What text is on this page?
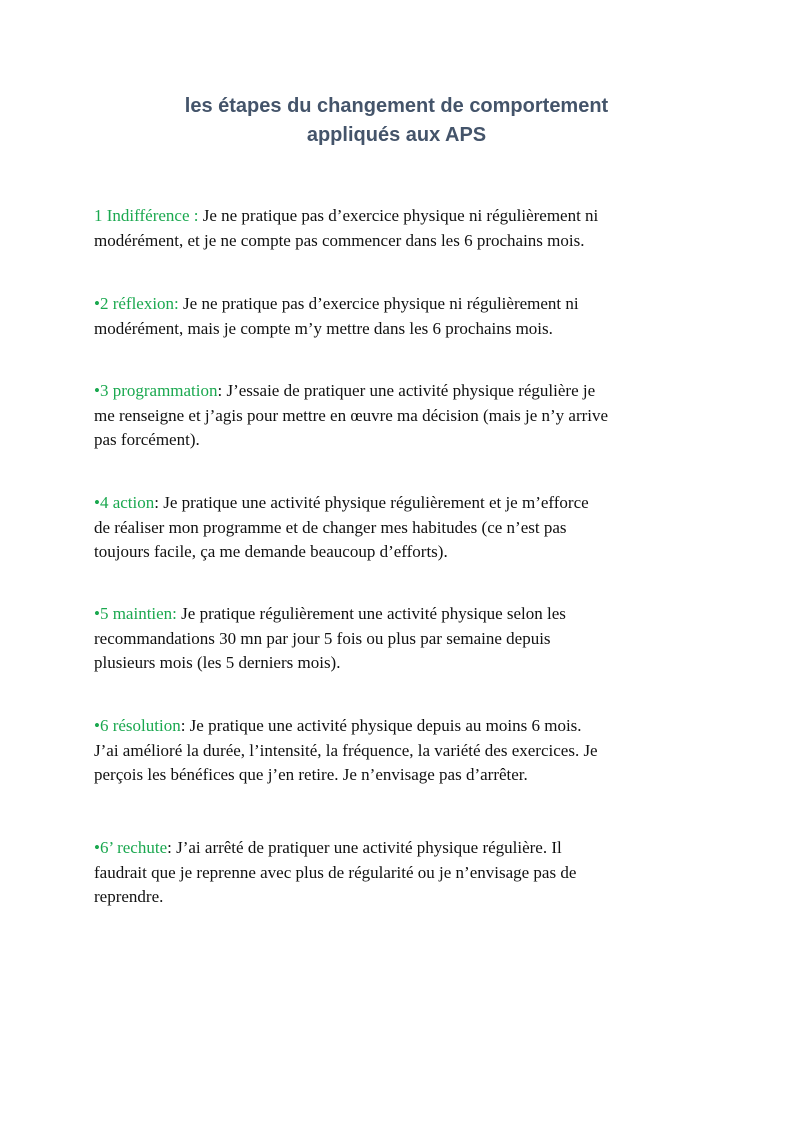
les étapes du changement de comportement
appliqués aux APS

1 Indifférence : Je ne pratique pas d’exercice physique ni régulièrement ni
modérément, et je ne compte pas commencer dans les 6 prochains mois.

•2 réflexion: Je ne pratique pas d’exercice physique ni régulièrement ni
modérément, mais je compte m’y mettre dans les 6 prochains mois.

•3 programmation: J’essaie de pratiquer une activité physique régulière je
me renseigne et j’agis pour mettre en œuvre ma décision (mais je n’y arrive
pas forcément).

•4 action: Je pratique une activité physique régulièrement et je m’efforce
de réaliser mon programme et de changer mes habitudes (ce n’est pas
toujours facile, ça me demande beaucoup d’efforts).

•5 maintien: Je pratique régulièrement une activité physique selon les
recommandations 30 mn par jour 5 fois ou plus par semaine depuis
plusieurs mois (les 5 derniers mois).

•6 résolution: Je pratique une activité physique depuis au moins 6 mois.
J’ai amélioré la durée, l’intensité, la fréquence, la variété des exercices. Je
perçois les bénéfices que j’en retire. Je n’envisage pas d’arrêter.

•6’ rechute: J’ai arrêté de pratiquer une activité physique régulière. Il
faudrait que je reprenne avec plus de régularité ou je n’envisage pas de
reprendre.
